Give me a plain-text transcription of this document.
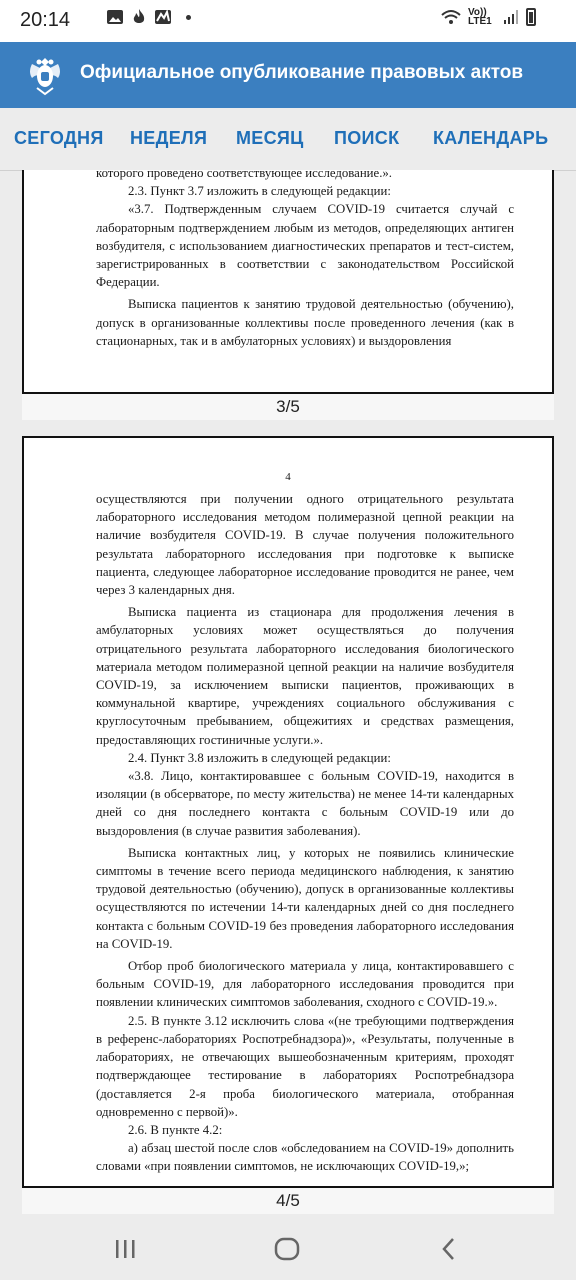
20:14	Vo)) LTE1
Официальное опубликование правовых актов
СЕГОДНЯ НЕДЕЛЯ МЕСЯЦ ПОИСК КАЛЕНДАРЬ

которого проведено соответствующее исследование.».

2.3. Пункт 3.7 изложить в следующей редакции:

«3.7. Подтвержденным случаем COVID-19 считается случай с лабораторным подтверждением любым из методов, определяющих антиген возбудителя, с использованием диагностических препаратов и тест-систем, зарегистрированных в соответствии с законодательством Российской Федерации.

Выписка пациентов к занятию трудовой деятельностью (обучению), допуск в организованные коллективы после проведенного лечения (как в стационарных, так и в амбулаторных условиях) и выздоровления

3/5
4

осуществляются при получении одного отрицательного результата лабораторного исследования методом полимеразной цепной реакции на наличие возбудителя COVID-19. В случае получения положительного результата лабораторного исследования при подготовке к выписке пациента, следующее лабораторное исследование проводится не ранее, чем через 3 календарных дня.

Выписка пациента из стационара для продолжения лечения в амбулаторных условиях может осуществляться до получения отрицательного результата лабораторного исследования биологического материала методом полимеразной цепной реакции на наличие возбудителя COVID-19, за исключением выписки пациентов, проживающих в коммунальной квартире, учреждениях социального обслуживания с круглосуточным пребыванием, общежитиях и средствах размещения, предоставляющих гостиничные услуги.».

2.4. Пункт 3.8 изложить в следующей редакции:

«3.8. Лицо, контактировавшее с больным COVID-19, находится в изоляции (в обсерваторе, по месту жительства) не менее 14-ти календарных дней со дня последнего контакта с больным COVID-19 или до выздоровления (в случае развития заболевания).

Выписка контактных лиц, у которых не появились клинические симптомы в течение всего периода медицинского наблюдения, к занятию трудовой деятельностью (обучению), допуск в организованные коллективы осуществляются по истечении 14-ти календарных дней со дня последнего контакта с больным COVID-19 без проведения лабораторного исследования на COVID-19.

Отбор проб биологического материала у лица, контактировавшего с больным COVID-19, для лабораторного исследования проводится при появлении клинических симптомов заболевания, сходного с COVID-19.».

2.5. В пункте 3.12 исключить слова «(не требующими подтверждения в референс-лабораториях Роспотребнадзора)», «Результаты, полученные в лабораториях, не отвечающих вышеобозначенным критериям, проходят подтверждающее тестирование в лабораториях Роспотребнадзора (доставляется 2-я проба биологического материала, отобранная одновременно с первой)».

2.6. В пункте 4.2:

а) абзац шестой после слов «обследованием на COVID-19» дополнить словами «при появлении симптомов, не исключающих COVID-19,»;

4/5
